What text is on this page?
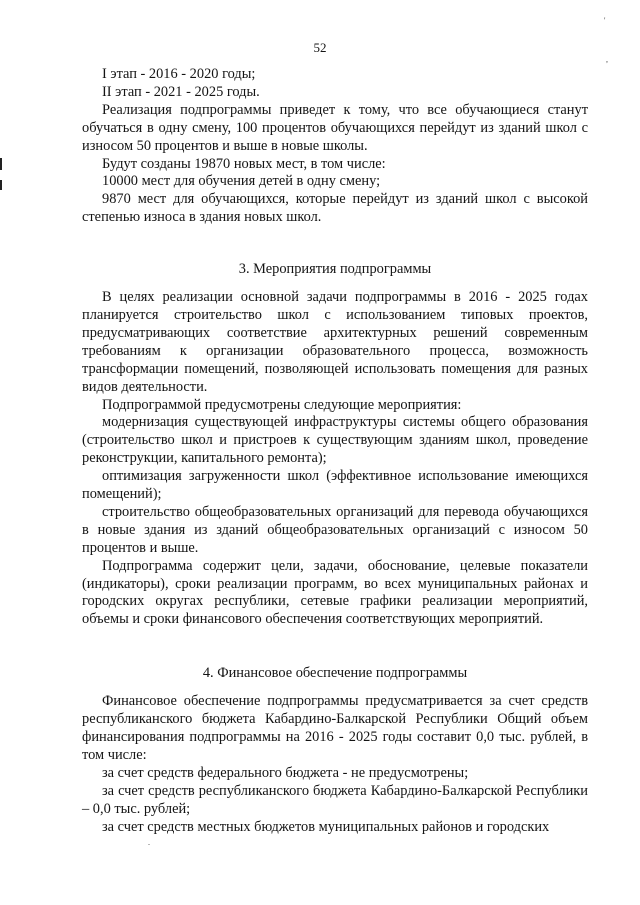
52
'
,
.

I этап - 2016 - 2020 годы;

II этап - 2021 - 2025 годы.

Реализация подпрограммы приведет к тому, что все обучающиеся станут обучаться в одну смену, 100 процентов обучающихся перейдут из зданий школ с износом 50 процентов и выше в новые школы.

Будут созданы 19870 новых мест, в том числе:

10000 мест для обучения детей в одну смену;

9870 мест для обучающихся, которые перейдут из зданий школ с высокой степенью износа в здания новых школ.

3. Мероприятия подпрограммы

В целях реализации основной задачи подпрограммы в 2016 - 2025 годах планируется строительство школ с использованием типовых проектов, предусматривающих соответствие архитектурных решений современным требованиям к организации образовательного процесса, возможность трансформации помещений, позволяющей использовать помещения для разных видов деятельности.

Подпрограммой предусмотрены следующие мероприятия:

модернизация существующей инфраструктуры системы общего образования (строительство школ и пристроев к существующим зданиям школ, проведение реконструкции, капитального ремонта);

оптимизация загруженности школ (эффективное использование имеющихся помещений);

строительство общеобразовательных организаций для перевода обучающихся в новые здания из зданий общеобразовательных организаций с износом 50 процентов и выше.

Подпрограмма содержит цели, задачи, обоснование, целевые показатели (индикаторы), сроки реализации программ, во всех муниципальных районах и городских округах республики, сетевые графики реализации мероприятий, объемы и сроки финансового обеспечения соответствующих мероприятий.

4. Финансовое обеспечение подпрограммы

Финансовое обеспечение подпрограммы предусматривается за счет средств республиканского бюджета Кабардино-Балкарской Республики Общий объем финансирования подпрограммы на 2016 - 2025 годы составит 0,0 тыс. рублей, в том числе:

за счет средств федерального бюджета - не предусмотрены;

за счет средств республиканского бюджета Кабардино-Балкарской Республики – 0,0 тыс. рублей;

за счет средств местных бюджетов муниципальных районов и городских
